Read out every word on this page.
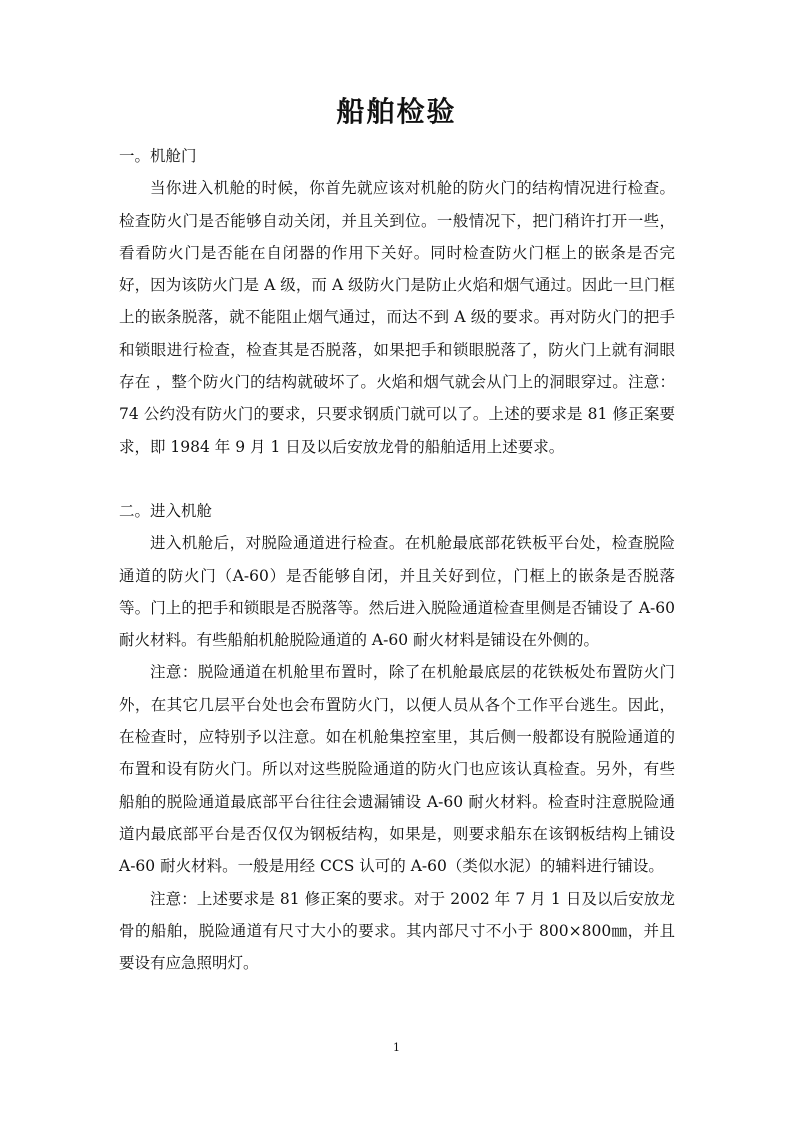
船舶检验

一。机舱门

当你进入机舱的时候，你首先就应该对机舱的防火门的结构情况进行检查。检查防火门是否能够自动关闭，并且关到位。一般情况下，把门稍许打开一些，看看防火门是否能在自闭器的作用下关好。同时检查防火门框上的嵌条是否完好，因为该防火门是 A 级，而 A 级防火门是防止火焰和烟气通过。因此一旦门框上的嵌条脱落，就不能阻止烟气通过，而达不到 A 级的要求。再对防火门的把手和锁眼进行检查，检查其是否脱落，如果把手和锁眼脱落了，防火门上就有洞眼存在 ，整个防火门的结构就破坏了。火焰和烟气就会从门上的洞眼穿过。注意：74 公约没有防火门的要求，只要求钢质门就可以了。上述的要求是 81 修正案要求，即 1984 年 9 月 1 日及以后安放龙骨的船舶适用上述要求。

二。进入机舱

进入机舱后，对脱险通道进行检查。在机舱最底部花铁板平台处，检查脱险通道的防火门（A-60）是否能够自闭，并且关好到位，门框上的嵌条是否脱落等。门上的把手和锁眼是否脱落等。然后进入脱险通道检查里侧是否铺设了 A-60 耐火材料。有些船舶机舱脱险通道的 A-60 耐火材料是铺设在外侧的。

注意：脱险通道在机舱里布置时，除了在机舱最底层的花铁板处布置防火门外，在其它几层平台处也会布置防火门，以便人员从各个工作平台逃生。因此，在检查时，应特别予以注意。如在机舱集控室里，其后侧一般都设有脱险通道的布置和设有防火门。所以对这些脱险通道的防火门也应该认真检查。另外，有些船舶的脱险通道最底部平台往往会遗漏铺设 A-60 耐火材料。检查时注意脱险通道内最底部平台是否仅仅为钢板结构，如果是，则要求船东在该钢板结构上铺设 A-60 耐火材料。一般是用经 CCS 认可的 A-60（类似水泥）的辅料进行铺设。

注意：上述要求是 81 修正案的要求。对于 2002 年 7 月 1 日及以后安放龙骨的船舶，脱险通道有尺寸大小的要求。其内部尺寸不小于 800×800㎜，并且要设有应急照明灯。

1
